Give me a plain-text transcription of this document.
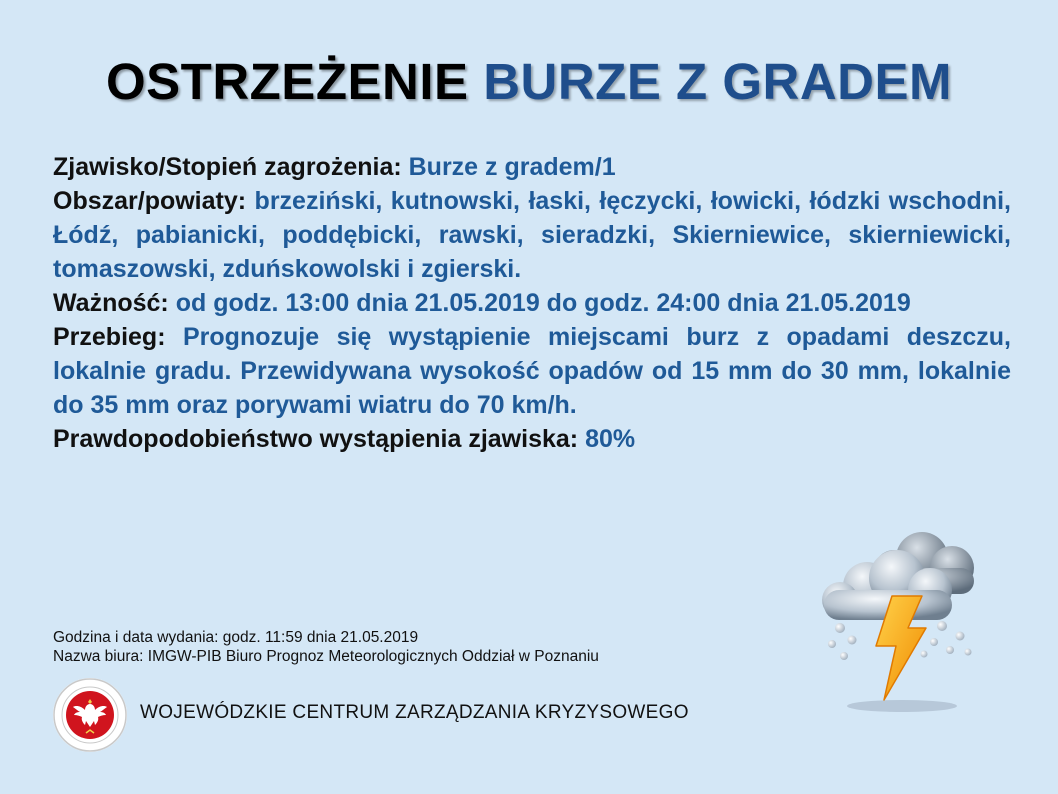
OSTRZEŻENIE BURZE Z GRADEM

Zjawisko/Stopień zagrożenia: Burze z gradem/1

Obszar/powiaty: brzeziński, kutnowski, łaski, łęczycki, łowicki, łódzki wschodni, Łódź, pabianicki, poddębicki, rawski, sieradzki, Skierniewice, skierniewicki, tomaszowski, zduńskowolski i zgierski.

Ważność: od godz. 13:00 dnia 21.05.2019 do godz. 24:00 dnia 21.05.2019

Przebieg: Prognozuje się wystąpienie miejscami burz z opadami deszczu, lokalnie gradu. Przewidywana wysokość opadów od 15 mm do 30 mm, lokalnie do 35 mm oraz porywami wiatru do 70 km/h.

Prawdopodobieństwo wystąpienia zjawiska: 80%

Godzina i data wydania: godz. 11:59 dnia 21.05.2019
Nazwa biura: IMGW-PIB Biuro Prognoz Meteorologicznych Oddział w Poznaniu
WOJEWÓDZKIE CENTRUM ZARZĄDZANIA KRYZYSOWEGO
